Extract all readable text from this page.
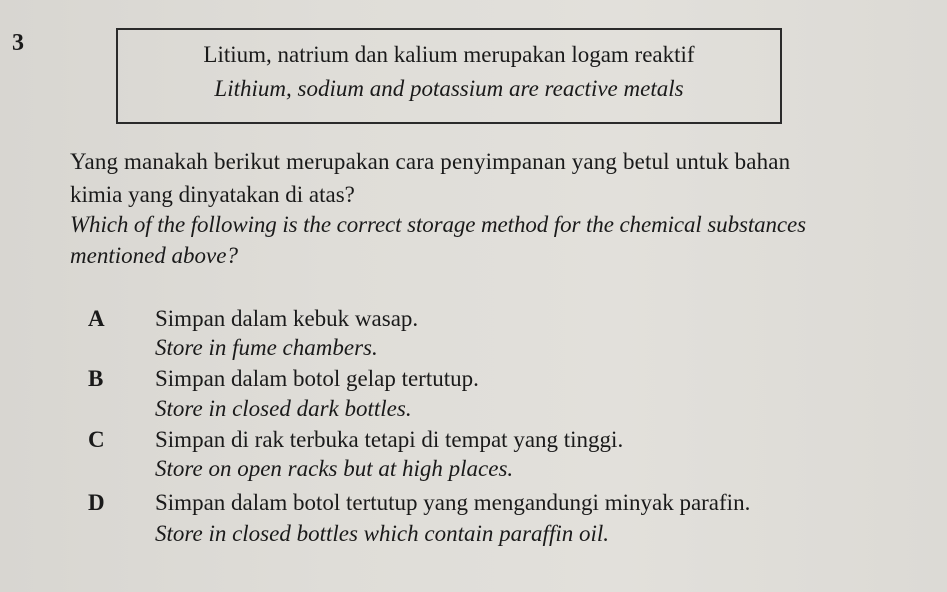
3	Litium, natrium dan kalium merupakan logam reaktif
Lithium, sodium and potassium are reactive metals
Yang manakah berikut merupakan cara penyimpanan yang betul untuk bahan
kimia yang dinyatakan di atas?
Which of the following is the correct storage method for the chemical substances
mentioned above?
A Simpan dalam kebuk wasap.
Store in fume chambers.
B Simpan dalam botol gelap tertutup.
Store in closed dark bottles.
C Simpan di rak terbuka tetapi di tempat yang tinggi.
Store on open racks but at high places.
D Simpan dalam botol tertutup yang mengandungi minyak parafin.
Store in closed bottles which contain paraffin oil.
